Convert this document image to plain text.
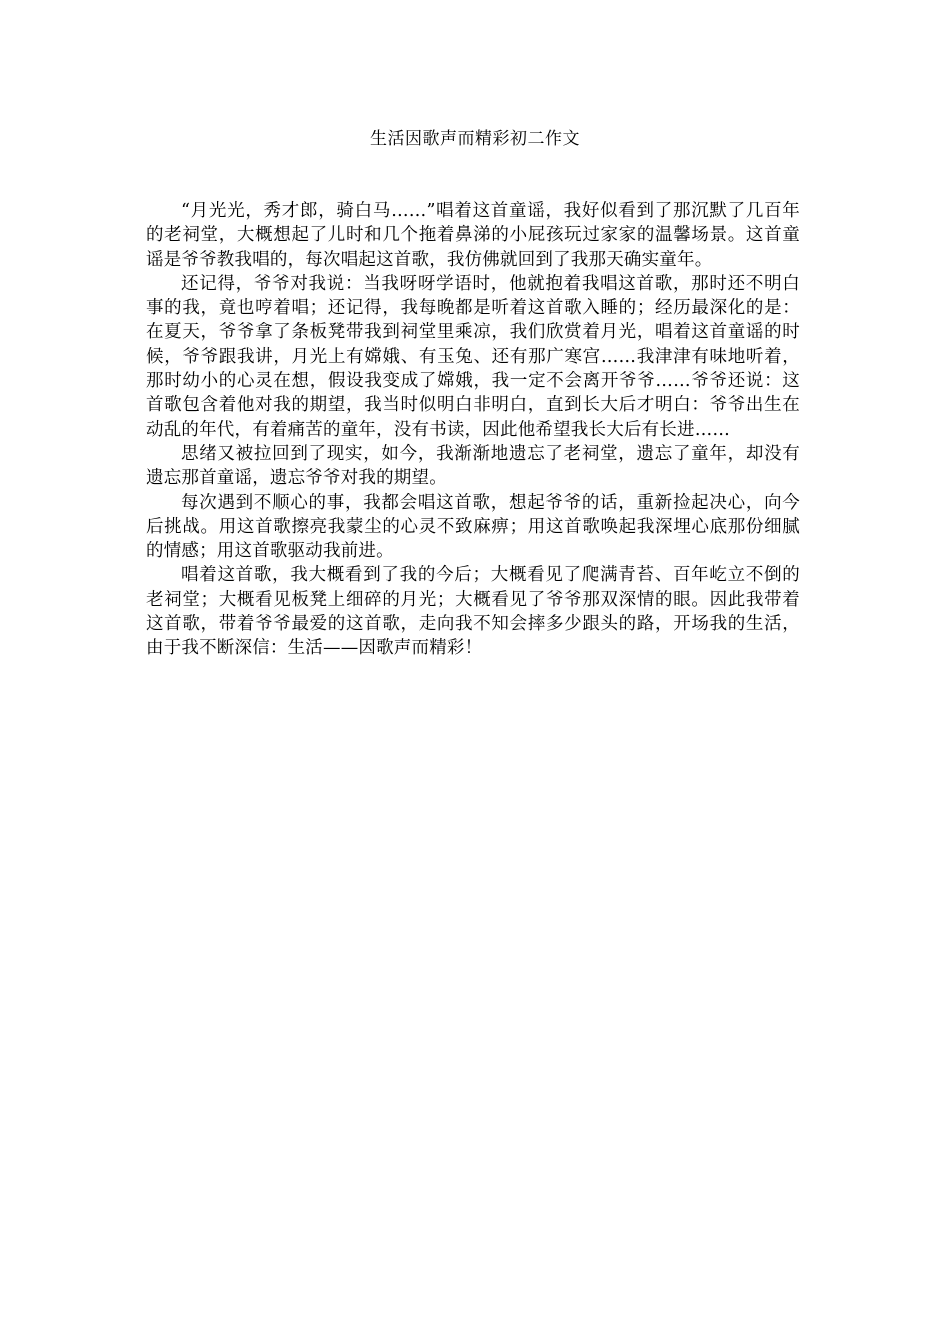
生活因歌声而精彩初二作文

“月光光，秀才郎，骑白马……”唱着这首童谣，我好似看到了那沉默了几百年的老祠堂，大概想起了儿时和几个拖着鼻涕的小屁孩玩过家家的温馨场景。这首童谣是爷爷教我唱的，每次唱起这首歌，我仿佛就回到了我那天确实童年。

还记得，爷爷对我说：当我呀呀学语时，他就抱着我唱这首歌，那时还不明白事的我，竟也哼着唱；还记得，我每晚都是听着这首歌入睡的；经历最深化的是：在夏天，爷爷拿了条板凳带我到祠堂里乘凉，我们欣赏着月光，唱着这首童谣的时候，爷爷跟我讲，月光上有嫦娥、有玉兔、还有那广寒宫……我津津有味地听着，那时幼小的心灵在想，假设我变成了嫦娥，我一定不会离开爷爷……爷爷还说：这首歌包含着他对我的期望，我当时似明白非明白，直到长大后才明白：爷爷出生在动乱的年代，有着痛苦的童年，没有书读，因此他希望我长大后有长进……

思绪又被拉回到了现实，如今，我渐渐地遗忘了老祠堂，遗忘了童年，却没有遗忘那首童谣，遗忘爷爷对我的期望。

每次遇到不顺心的事，我都会唱这首歌，想起爷爷的话，重新捡起决心，向今后挑战。用这首歌擦亮我蒙尘的心灵不致麻痹；用这首歌唤起我深埋心底那份细腻的情感；用这首歌驱动我前进。

唱着这首歌，我大概看到了我的今后；大概看见了爬满青苔、百年屹立不倒的老祠堂；大概看见板凳上细碎的月光；大概看见了爷爷那双深情的眼。因此我带着这首歌，带着爷爷最爱的这首歌，走向我不知会摔多少跟头的路，开场我的生活，由于我不断深信：生活——因歌声而精彩！
